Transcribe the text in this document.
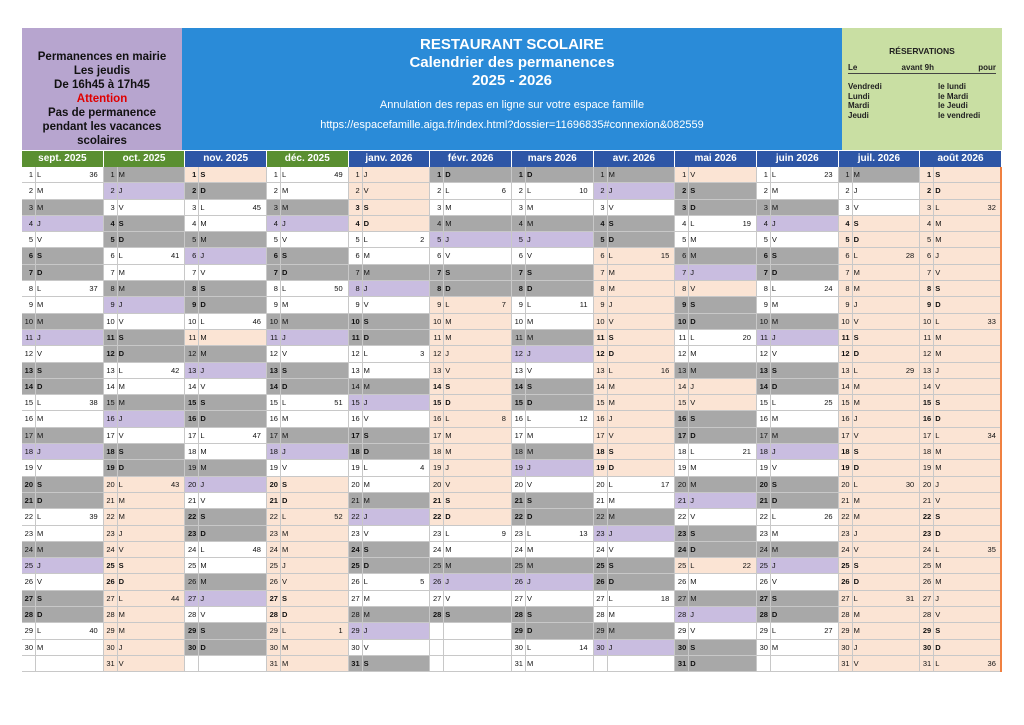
Permanences en mairie
Les jeudis
De 16h45 à 17h45
Attention
Pas de permanence
pendant les vacances
scolaires
RESTAURANT SCOLAIRE
Calendrier des permanences
2025 - 2026
Annulation des repas en ligne sur votre espace famille
https://espacefamille.aiga.fr/index.html?dossier=11696835#connexion&082559
RÉSERVATIONS
Le	avant 9h	pour
Vendredi	le lundi
Lundi	le Mardi
Mardi	le Jeudi
Jeudi	le vendredi
sept. 2025	oct. 2025	nov. 2025	déc. 2025	janv. 2026	févr. 2026	mars 2026	avr. 2026	mai 2026	juin 2026	juil. 2026	août 2026
1 L	36
2 M
3 M
4 J
5 V
6 S
7 D
8 L	37
9 M
10 M
11 J
12 V
13 S
14 D
15 L	38
16 M
17 M
18 J
19 V
20 S
21 D
22 L	39
23 M
24 M
25 J
26 V
27 S
28 D
29 L	40
30 M
1 M
2 J
3 V
4 S
5 D
6 L	41
7 M
8 M
9 J
10 V
11 S
12 D
13 L	42
14 M
15 M
16 J
17 V
18 S
19 D
20 L	43
21 M
22 M
23 J
24 V
25 S
26 D
27 L	44
28 M
29 M
30 J
31 V
1 S
2 D
3 L	45
4 M
5 M
6 J
7 V
8 S
9 D
10 L	46
11 M
12 M
13 J
14 V
15 S
16 D
17 L	47
18 M
19 M
20 J
21 V
22 S
23 D
24 L	48
25 M
26 M
27 J
28 V
29 S
30 D
1 L	49
2 M
3 M
4 J
5 V
6 S
7 D
8 L	50
9 M
10 M
11 J
12 V
13 S
14 D
15 L	51
16 M
17 M
18 J
19 V
20 S
21 D
22 L	52
23 M
24 M
25 J
26 V
27 S
28 D
29 L	1
30 M
31 M
1 J
2 V
3 S
4 D
5 L	2
6 M
7 M
8 J
9 V
10 S
11 D
12 L	3
13 M
14 M
15 J
16 V
17 S
18 D
19 L	4
20 M
21 M
22 J
23 V
24 S
25 D
26 L	5
27 M
28 M
29 J
30 V
31 S
1 D
2 L	6
3 M
4 M
5 J
6 V
7 S
8 D
9 L	7
10 M
11 M
12 J
13 V
14 S
15 D
16 L	8
17 M
18 M
19 J
20 V
21 S
22 D
23 L	9
24 M
25 M
26 J
27 V
28 S
1 D
2 L	10
3 M
4 M
5 J
6 V
7 S
8 D
9 L	11
10 M
11 M
12 J
13 V
14 S
15 D
16 L	12
17 M
18 M
19 J
20 V
21 S
22 D
23 L	13
24 M
25 M
26 J
27 V
28 S
29 D
30 L	14
31 M
1 M
2 J
3 V
4 S
5 D
6 L	15
7 M
8 M
9 J
10 V
11 S
12 D
13 L	16
14 M
15 M
16 J
17 V
18 S
19 D
20 L	17
21 M
22 M
23 J
24 V
25 S
26 D
27 L	18
28 M
29 M
30 J
1 V
2 S
3 D
4 L	19
5 M
6 M
7 J
8 V
9 S
10 D
11 L	20
12 M
13 M
14 J
15 V
16 S
17 D
18 L	21
19 M
20 M
21 J
22 V
23 S
24 D
25 L	22
26 M
27 M
28 J
29 V
30 S
31 D
1 L	23
2 M
3 M
4 J
5 V
6 S
7 D
8 L	24
9 M
10 M
11 J
12 V
13 S
14 D
15 L	25
16 M
17 M
18 J
19 V
20 S
21 D
22 L	26
23 M
24 M
25 J
26 V
27 S
28 D
29 L	27
30 M
1 M
2 J
3 V
4 S
5 D
6 L	28
7 M
8 M
9 J
10 V
11 S
12 D
13 L	29
14 M
15 M
16 J
17 V
18 S
19 D
20 L	30
21 M
22 M
23 J
24 V
25 S
26 D
27 L	31
28 M
29 M
30 J
31 V
1 S
2 D
3 L	32
4 M
5 M
6 J
7 V
8 S
9 D
10 L	33
11 M
12 M
13 J
14 V
15 S
16 D
17 L	34
18 M
19 M
20 J
21 V
22 S
23 D
24 L	35
25 M
26 M
27 J
28 V
29 S
30 D
31 L	36
